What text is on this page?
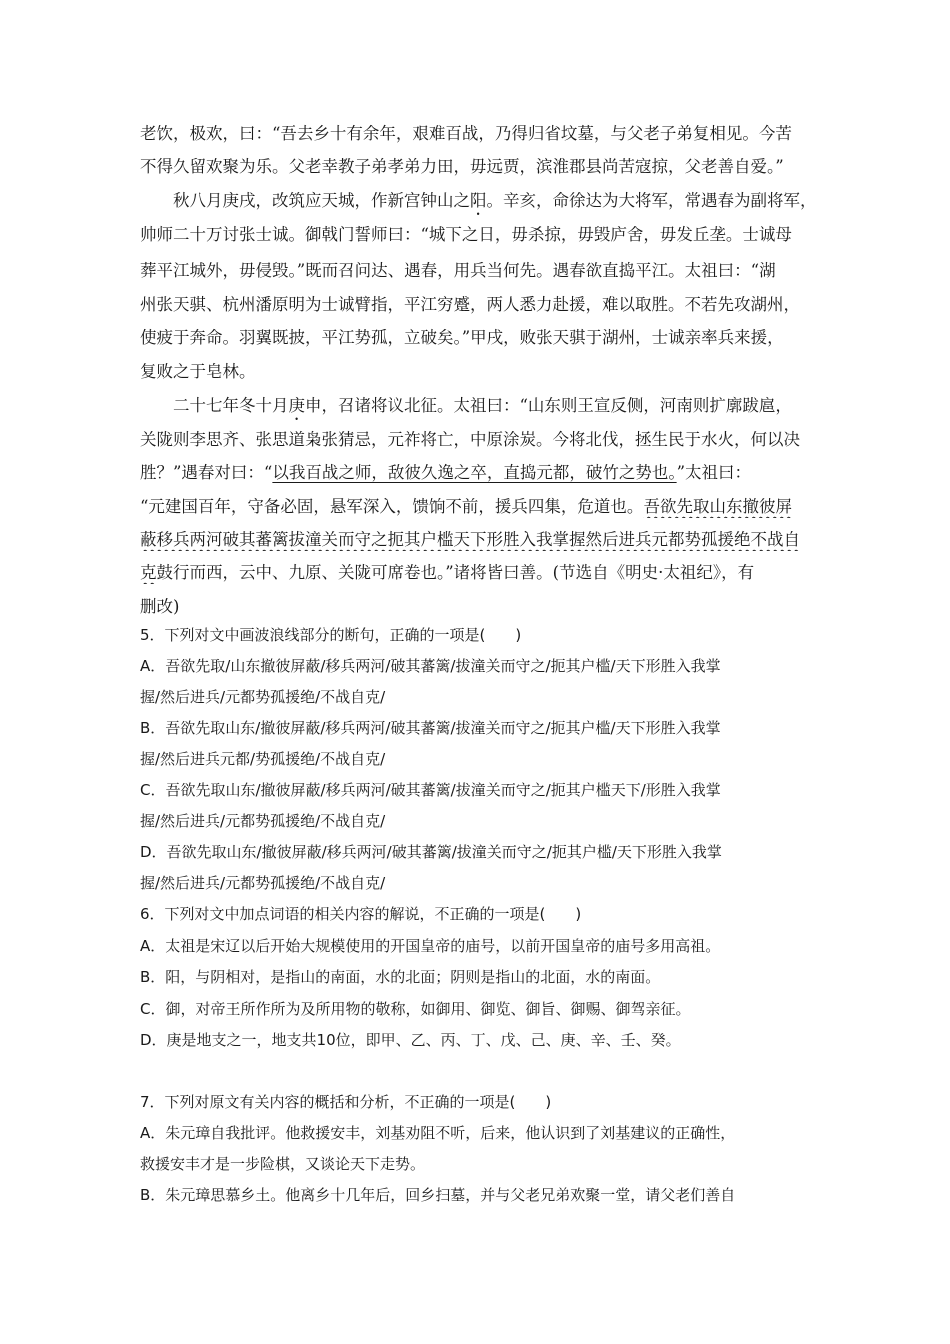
老饮，极欢，曰：“吾去乡十有余年，艰难百战，乃得归省坟墓，与父老子弟复相见。今苦
不得久留欢聚为乐。父老幸教子弟孝弟力田，毋远贾，滨淮郡县尚苦寇掠，父老善自爱。”
秋八月庚戌，改筑应天城，作新宫钟山之阳。辛亥，命徐达为大将军，常遇春为副将军，
帅师二十万讨张士诚。御戟门誓师曰：“城下之日，毋杀掠，毋毁庐舍，毋发丘垄。士诚母
葬平江城外，毋侵毁。”既而召问达、遇春，用兵当何先。遇春欲直捣平江。太祖曰：“湖
州张天骐、杭州潘原明为士诚臂指，平江穷蹙，两人悉力赴援，难以取胜。不若先攻湖州，
使疲于奔命。羽翼既披，平江势孤，立破矣。”甲戌，败张天骐于湖州，士诚亲率兵来援，
复败之于皂林。
二十七年冬十月庚申，召诸将议北征。太祖曰：“山东则王宣反侧，河南则扩廓跋扈，
关陇则李思齐、张思道枭张猜忌，元祚将亡，中原涂炭。今将北伐，拯生民于水火，何以决
胜？”遇春对曰：“以我百战之师，敌彼久逸之卒，直捣元都，破竹之势也。”太祖曰：
“元建国百年，守备必固，悬军深入，馈饷不前，援兵四集，危道也。吾欲先取山东撤彼屏
蔽移兵两河破其蕃篱拔潼关而守之扼其户槛天下形胜入我掌握然后进兵元都势孤援绝不战自
克鼓行而西，云中、九原、关陇可席卷也。”诸将皆曰善。(节选自《明史·太祖纪》，有
删改)
5．下列对文中画波浪线部分的断句，正确的一项是(　　)
A．吾欲先取/山东撤彼屏蔽/移兵两河/破其蕃篱/拔潼关而守之/扼其户槛/天下形胜入我掌
握/然后进兵/元都势孤援绝/不战自克/
B．吾欲先取山东/撤彼屏蔽/移兵两河/破其蕃篱/拔潼关而守之/扼其户槛/天下形胜入我掌
握/然后进兵元都/势孤援绝/不战自克/
C．吾欲先取山东/撤彼屏蔽/移兵两河/破其蕃篱/拔潼关而守之/扼其户槛天下/形胜入我掌
握/然后进兵/元都势孤援绝/不战自克/
D．吾欲先取山东/撤彼屏蔽/移兵两河/破其蕃篱/拔潼关而守之/扼其户槛/天下形胜入我掌
握/然后进兵/元都势孤援绝/不战自克/
6．下列对文中加点词语的相关内容的解说，不正确的一项是(　　)
A．太祖是宋辽以后开始大规模使用的开国皇帝的庙号，以前开国皇帝的庙号多用高祖。
B．阳，与阴相对，是指山的南面，水的北面；阴则是指山的北面，水的南面。
C．御，对帝王所作所为及所用物的敬称，如御用、御览、御旨、御赐、御驾亲征。
D．庚是地支之一，地支共10位，即甲、乙、丙、丁、戊、己、庚、辛、壬、癸。
7．下列对原文有关内容的概括和分析，不正确的一项是(　　)
A．朱元璋自我批评。他救援安丰，刘基劝阻不听，后来，他认识到了刘基建议的正确性，
救援安丰才是一步险棋，又谈论天下走势。
B．朱元璋思慕乡土。他离乡十几年后，回乡扫墓，并与父老兄弟欢聚一堂，请父老们善自
